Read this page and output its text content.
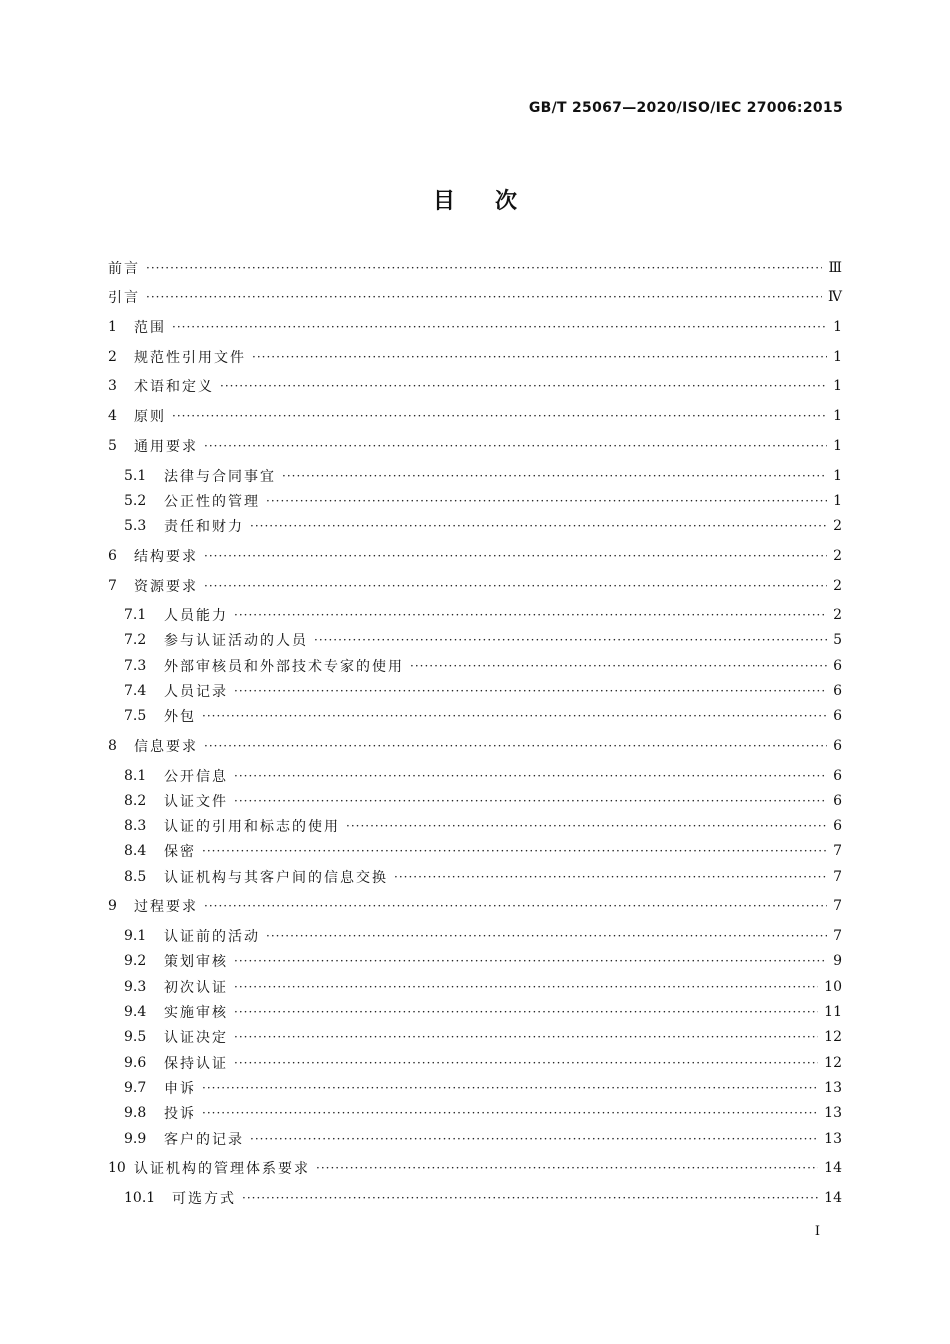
GB/T 25067—2020/ISO/IEC 27006:2015
目次
前言 ·····	Ⅲ
引言 ·····	Ⅳ
1	范围 ·····	1
2	规范性引用文件 ·····	1
3	术语和定义 ·····	1
4	原则 ·····	1
5	通用要求 ·····	1
5.1	法律与合同事宜 ·····	1
5.2	公正性的管理 ·····	1
5.3	责任和财力 ·····	2
6	结构要求 ·····	2
7	资源要求 ·····	2
7.1	人员能力 ·····	2
7.2	参与认证活动的人员 ·····	5
7.3	外部审核员和外部技术专家的使用 ·····	6
7.4	人员记录 ·····	6
7.5	外包 ·····	6
8	信息要求 ·····	6
8.1	公开信息 ·····	6
8.2	认证文件 ·····	6
8.3	认证的引用和标志的使用 ·····	6
8.4	保密 ·····	7
8.5	认证机构与其客户间的信息交换 ·····	7
9	过程要求 ·····	7
9.1	认证前的活动 ·····	7
9.2	策划审核 ·····	9
9.3	初次认证 ·····	10
9.4	实施审核 ·····	11
9.5	认证决定 ·····	12
9.6	保持认证 ·····	12
9.7	申诉 ·····	13
9.8	投诉 ·····	13
9.9	客户的记录 ·····	13
10 认证机构的管理体系要求 ·····	14
10.1	可选方式 ·····	14
I
